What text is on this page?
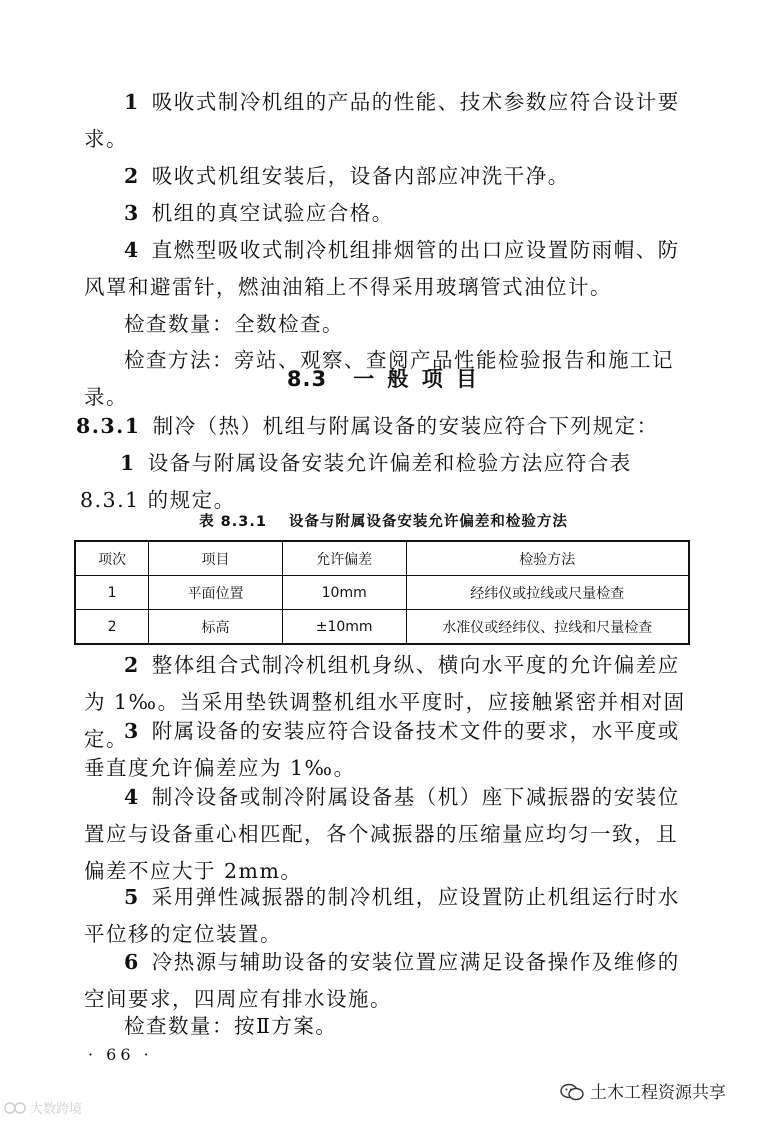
1 吸收式制冷机组的产品的性能、技术参数应符合设计要求。

2 吸收式机组安装后，设备内部应冲洗干净。

3 机组的真空试验应合格。

4 直燃型吸收式制冷机组排烟管的出口应设置防雨帽、防风罩和避雷针，燃油油箱上不得采用玻璃管式油位计。

检查数量：全数检查。

检查方法：旁站、观察、查阅产品性能检验报告和施工记录。

8.3 一 般 项 目

8.3.1 制冷（热）机组与附属设备的安装应符合下列规定：

1 设备与附属设备安装允许偏差和检验方法应符合表 8.3.1 的规定。

表 8.3.1 设备与附属设备安装允许偏差和检验方法
项次	项目	允许偏差	检验方法
1	平面位置	10mm	经纬仪或拉线或尺量检查
2	标高	±10mm	水准仪或经纬仪、拉线和尺量检查

2 整体组合式制冷机组机身纵、横向水平度的允许偏差应为 1‰。当采用垫铁调整机组水平度时，应接触紧密并相对固定。

3 附属设备的安装应符合设备技术文件的要求，水平度或垂直度允许偏差应为 1‰。

4 制冷设备或制冷附属设备基（机）座下减振器的安装位置应与设备重心相匹配，各个减振器的压缩量应均匀一致，且偏差不应大于 2mm。

5 采用弹性减振器的制冷机组，应设置防止机组运行时水平位移的定位装置。

6 冷热源与辅助设备的安装位置应满足设备操作及维修的空间要求，四周应有排水设施。

检查数量：按Ⅱ方案。

· 66 ·
土木工程资源共享
大数跨境
